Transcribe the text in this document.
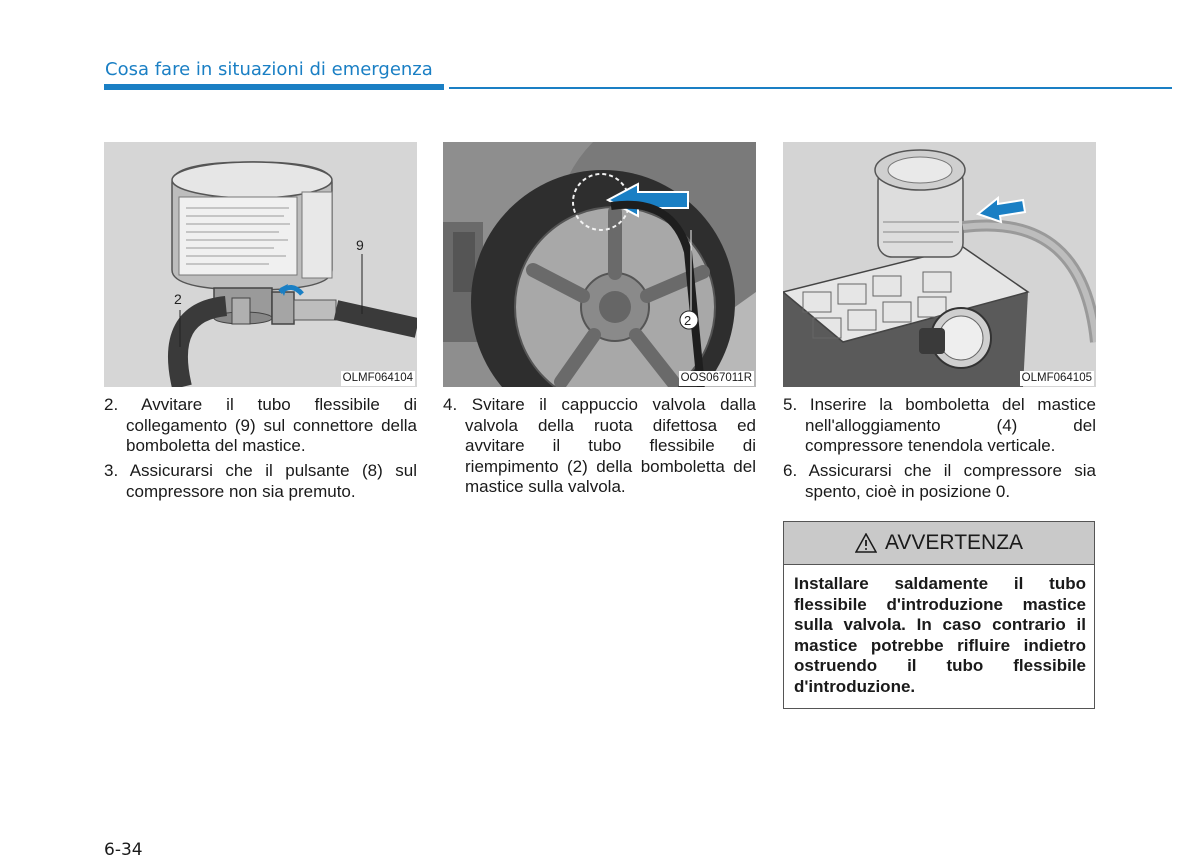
Cosa fare in situazioni di emergenza
2
9
OLMF064104
2
OOS067011R	OLMF064105
2. Avvitare il tubo flessibile di collegamento (9) sul connettore della bomboletta del mastice.
3. Assicurarsi che il pulsante (8) sul compressore non sia premuto.
4. Svitare il cappuccio valvola dalla valvola della ruota difettosa ed avvitare il tubo flessibile di riempimento (2) della bomboletta del mastice sulla valvola.
5. Inserire la bomboletta del mastice nell'alloggiamento (4) del compressore tenendola verticale.
6. Assicurarsi che il compressore sia spento, cioè in posizione 0.
AVVERTENZA
Installare saldamente il tubo flessibile d'introduzione mastice sulla valvola. In caso contrario il mastice potrebbe rifluire indietro ostruendo il tubo flessibile d'introduzione.
6-34
